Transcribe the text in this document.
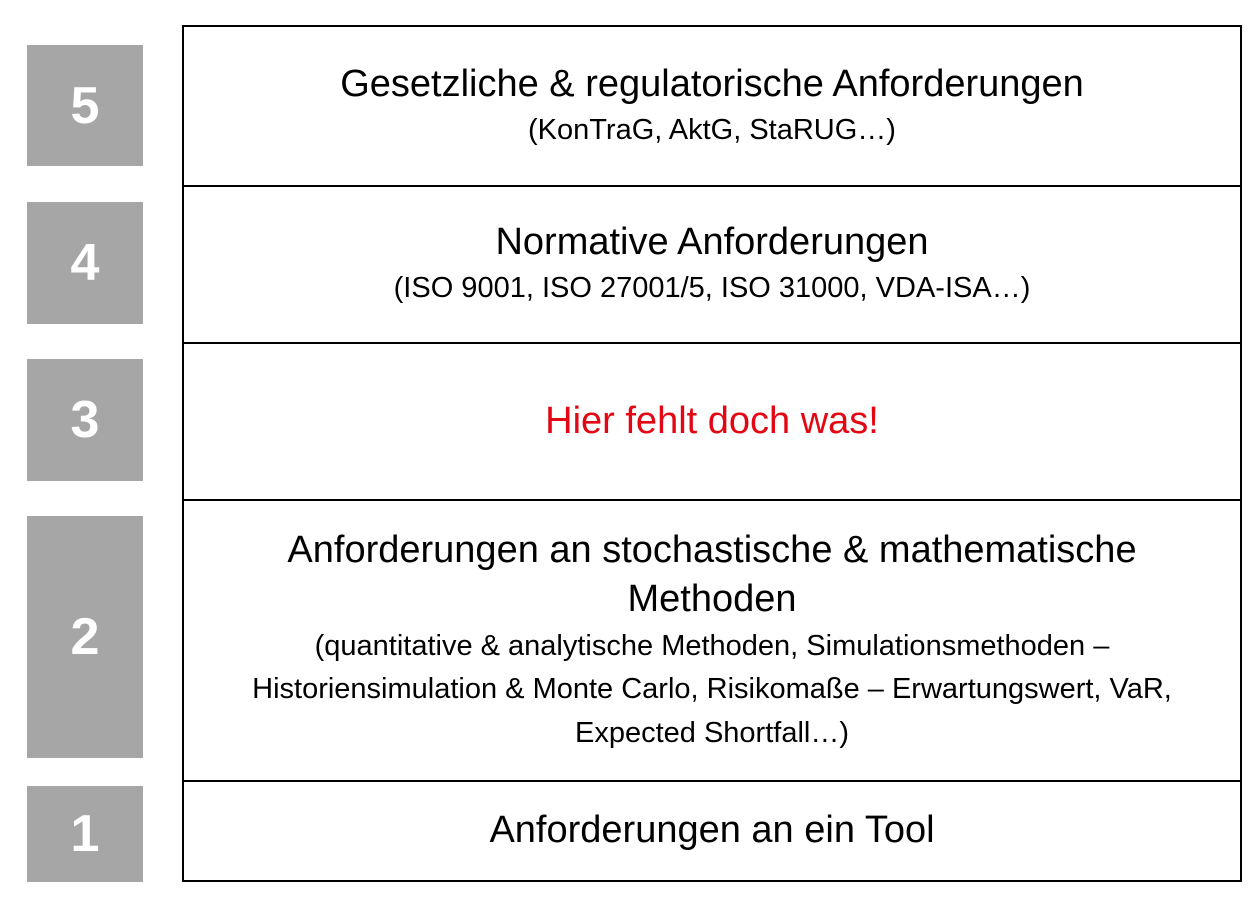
5
4
3
2
1
Gesetzliche & regulatorische Anforderungen
(KonTraG, AktG, StaRUG…)
Normative Anforderungen
(ISO 9001, ISO 27001/5, ISO 31000, VDA-ISA…)
Hier fehlt doch was!
Anforderungen an stochastische & mathematische Methoden
(quantitative & analytische Methoden, Simulationsmethoden – Historiensimulation & Monte Carlo, Risikomaße – Erwartungswert, VaR, Expected Shortfall…)
Anforderungen an ein Tool
